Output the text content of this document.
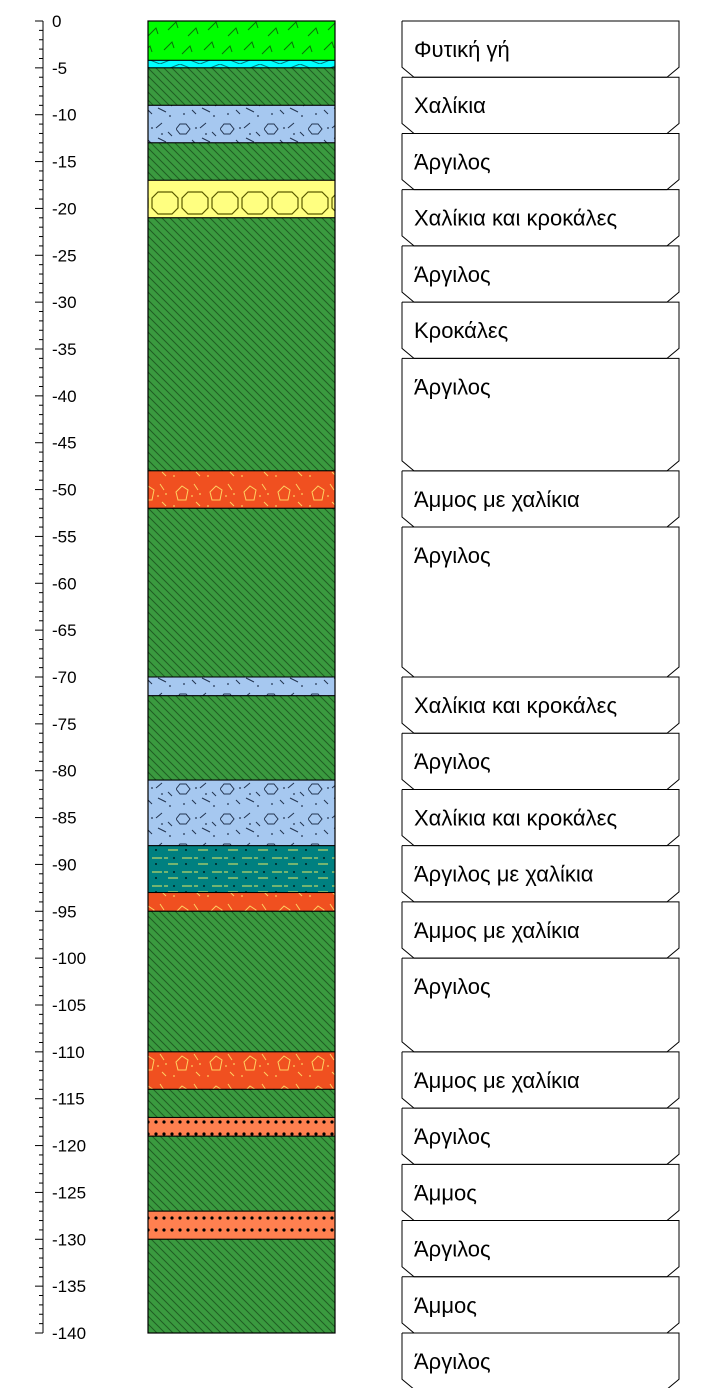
0
-5
-10
-15
-20
-25
-30
-35
-40
-45
-50
-55
-60
-65
-70
-75
-80
-85
-90
-95
-100
-105
-110
-115
-120
-125
-130
-135
-140
Φυτική γή
Χαλίκια
Άργιλος
Χαλίκια και κροκάλες
Άργιλος
Κροκάλες
Άργιλος
Άμμος με χαλίκια
Άργιλος
Χαλίκια και κροκάλες
Άργιλος
Χαλίκια και κροκάλες
Άργιλος με χαλίκια
Άμμος με χαλίκια
Άργιλος
Άμμος με χαλίκια
Άργιλος
Άμμος
Άργιλος
Άμμος
Άργιλος
